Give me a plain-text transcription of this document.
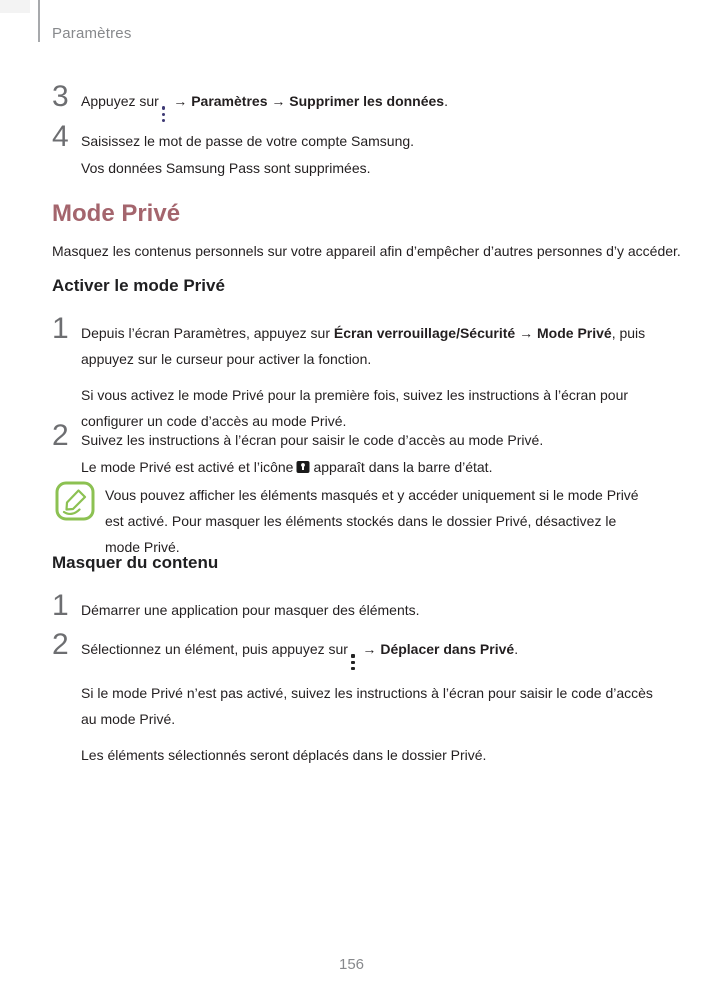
Paramètres
3 Appuyez sur
→ Paramètres → Supprimer les données.

4 Saisissez le mot de passe de votre compte Samsung.

Vos données Samsung Pass sont supprimées.

Mode Privé
Masquez les contenus personnels sur votre appareil afin d’empêcher d’autres personnes d’y accéder.
Activer le mode Privé
1 Depuis l’écran Paramètres, appuyez sur Écran verrouillage/Sécurité → Mode Privé, puis appuyez sur le curseur pour activer la fonction.

Si vous activez le mode Privé pour la première fois, suivez les instructions à l’écran pour configurer un code d’accès au mode Privé.

2 Suivez les instructions à l’écran pour saisir le code d’accès au mode Privé.

Le mode Privé est activé et l’icône apparaît dans la barre d’état.

Vous pouvez afficher les éléments masqués et y accéder uniquement si le mode Privé est activé. Pour masquer les éléments stockés dans le dossier Privé, désactivez le mode Privé.
Masquer du contenu
1 Démarrer une application pour masquer des éléments.

2 Sélectionnez un élément, puis appuyez sur
→ Déplacer dans Privé.

Si le mode Privé n’est pas activé, suivez les instructions à l’écran pour saisir le code d’accès au mode Privé.

Les éléments sélectionnés seront déplacés dans le dossier Privé.

156
